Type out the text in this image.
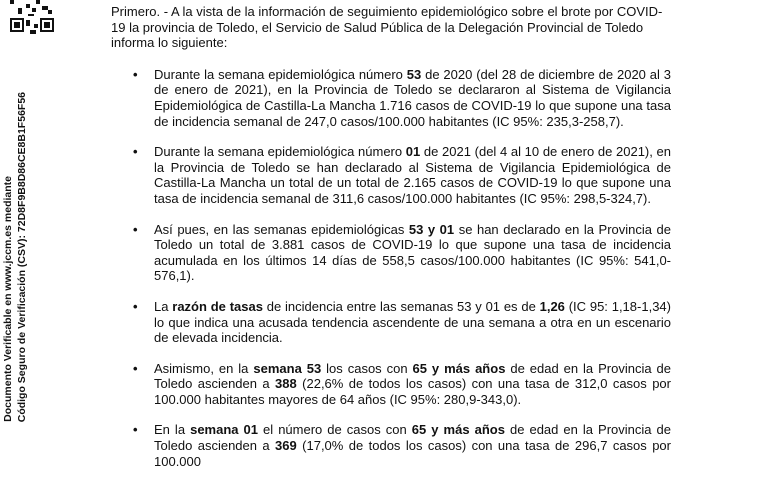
Documento Verificable en www.jccm.es mediante Código Seguro de Verificación (CSV): 72D8F9B8D86CE8B1F56F56

Primero. - A la vista de la información de seguimiento epidemiológico sobre el brote por COVID-19 la provincia de Toledo, el Servicio de Salud Pública de la Delegación Provincial de Toledo informa lo siguiente:

• Durante la semana epidemiológica número 53 de 2020 (del 28 de diciembre de 2020 al 3 de enero de 2021), en la Provincia de Toledo se declararon al Sistema de Vigilancia Epidemiológica de Castilla-La Mancha 1.716 casos de COVID-19 lo que supone una tasa de incidencia semanal de 247,0 casos/100.000 habitantes (IC 95%: 235,3-258,7).
• Durante la semana epidemiológica número 01 de 2021 (del 4 al 10 de enero de 2021), en la Provincia de Toledo se han declarado al Sistema de Vigilancia Epidemiológica de Castilla-La Mancha un total de un total de 2.165 casos de COVID-19 lo que supone una tasa de incidencia semanal de 311,6 casos/100.000 habitantes (IC 95%: 298,5-324,7).
• Así pues, en las semanas epidemiológicas 53 y 01 se han declarado en la Provincia de Toledo un total de 3.881 casos de COVID-19 lo que supone una tasa de incidencia acumulada en los últimos 14 días de 558,5 casos/100.000 habitantes (IC 95%: 541,0-576,1).
• La razón de tasas de incidencia entre las semanas 53 y 01 es de 1,26 (IC 95: 1,18-1,34) lo que indica una acusada tendencia ascendente de una semana a otra en un escenario de elevada incidencia.
• Asimismo, en la semana 53 los casos con 65 y más años de edad en la Provincia de Toledo ascienden a 388 (22,6% de todos los casos) con una tasa de 312,0 casos por 100.000 habitantes mayores de 64 años (IC 95%: 280,9-343,0).
• En la semana 01 el número de casos con 65 y más años de edad en la Provincia de Toledo ascienden a 369 (17,0% de todos los casos) con una tasa de 296,7 casos por 100.000
